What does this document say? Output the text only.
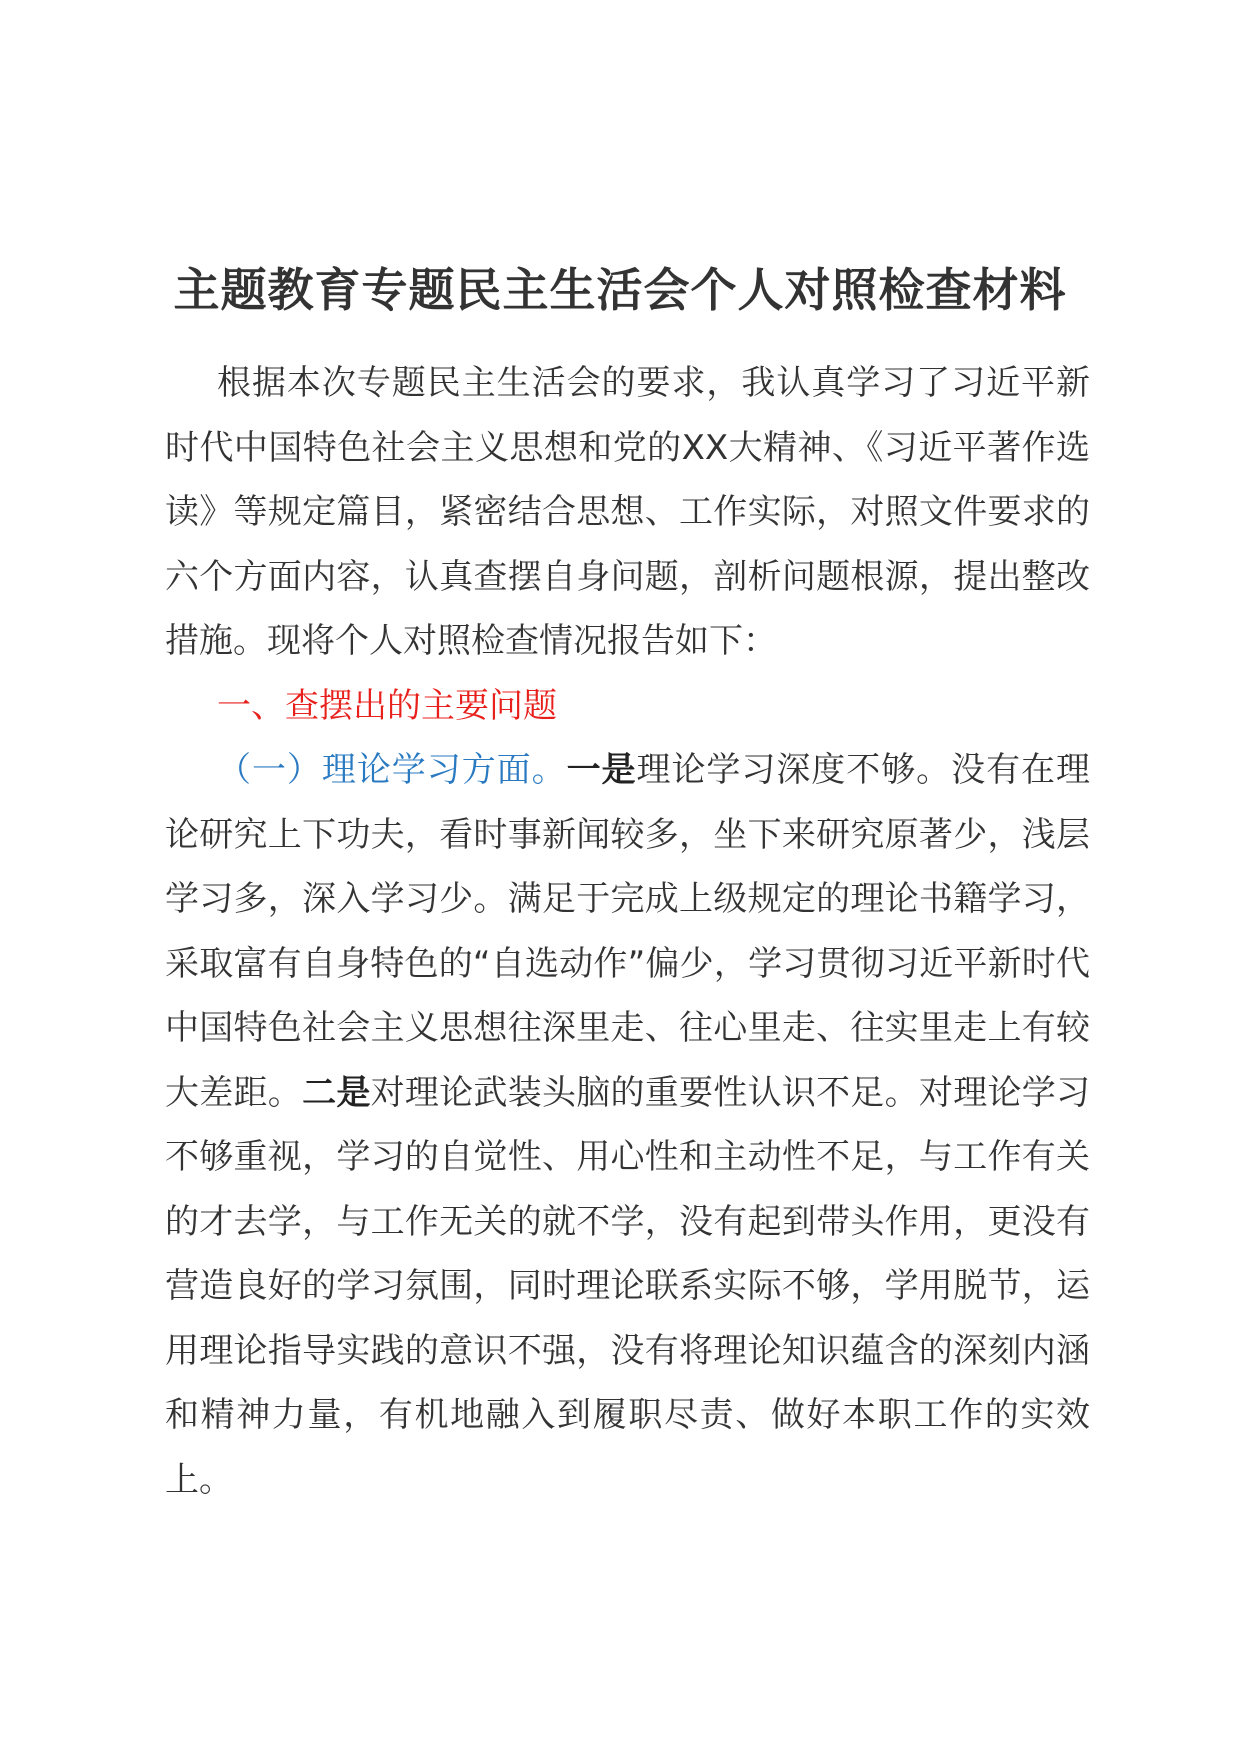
主题教育专题民主生活会个人对照检查材料

根据本次专题民主生活会的要求，我认真学习了习近平新时代中国特色社会主义思想和党的XX大精神、《习近平著作选读》等规定篇目，紧密结合思想、工作实际，对照文件要求的六个方面内容，认真查摆自身问题，剖析问题根源，提出整改措施。现将个人对照检查情况报告如下：

一、查摆出的主要问题

（一）理论学习方面。一是理论学习深度不够。没有在理论研究上下功夫，看时事新闻较多，坐下来研究原著少，浅层学习多，深入学习少。满足于完成上级规定的理论书籍学习，采取富有自身特色的“自选动作”偏少，学习贯彻习近平新时代中国特色社会主义思想往深里走、往心里走、往实里走上有较大差距。二是对理论武装头脑的重要性认识不足。对理论学习不够重视，学习的自觉性、用心性和主动性不足，与工作有关的才去学，与工作无关的就不学，没有起到带头作用，更没有营造良好的学习氛围，同时理论联系实际不够，学用脱节，运用理论指导实践的意识不强，没有将理论知识蕴含的深刻内涵和精神力量，有机地融入到履职尽责、做好本职工作的实效上。
